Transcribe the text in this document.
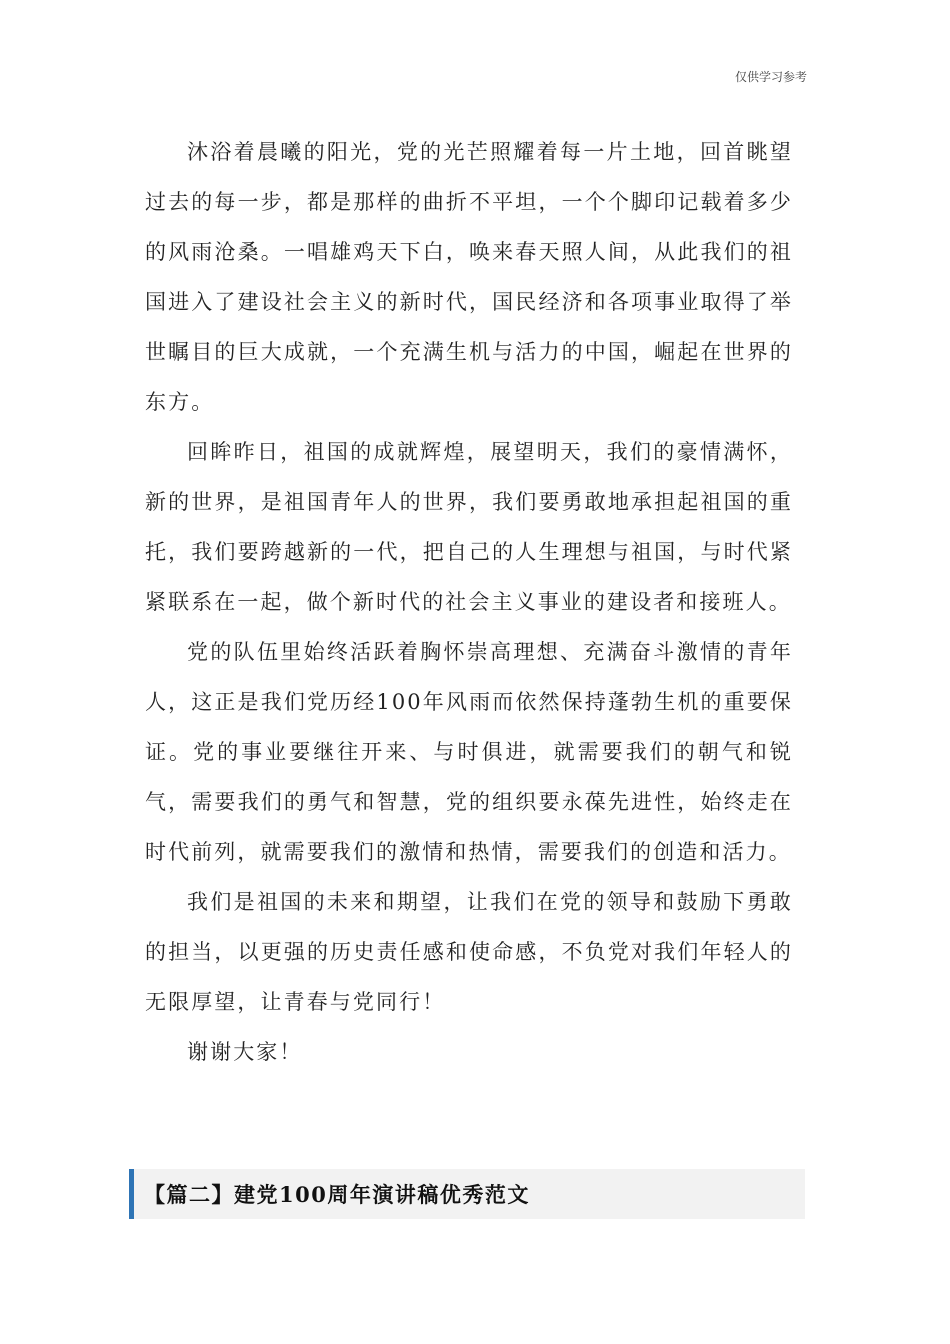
仅供学习参考

沐浴着晨曦的阳光，党的光芒照耀着每一片土地，回首眺望过去的每一步，都是那样的曲折不平坦，一个个脚印记载着多少的风雨沧桑。一唱雄鸡天下白，唤来春天照人间，从此我们的祖国进入了建设社会主义的新时代，国民经济和各项事业取得了举世瞩目的巨大成就，一个充满生机与活力的中国，崛起在世界的东方。

回眸昨日，祖国的成就辉煌，展望明天，我们的豪情满怀，新的世界，是祖国青年人的世界，我们要勇敢地承担起祖国的重托，我们要跨越新的一代，把自己的人生理想与祖国，与时代紧紧联系在一起，做个新时代的社会主义事业的建设者和接班人。

党的队伍里始终活跃着胸怀崇高理想、充满奋斗激情的青年人，这正是我们党历经100年风雨而依然保持蓬勃生机的重要保证。党的事业要继往开来、与时俱进，就需要我们的朝气和锐气，需要我们的勇气和智慧，党的组织要永葆先进性，始终走在时代前列，就需要我们的激情和热情，需要我们的创造和活力。

我们是祖国的未来和期望，让我们在党的领导和鼓励下勇敢的担当，以更强的历史责任感和使命感，不负党对我们年轻人的无限厚望，让青春与党同行！

谢谢大家！

【篇二】建党100周年演讲稿优秀范文
